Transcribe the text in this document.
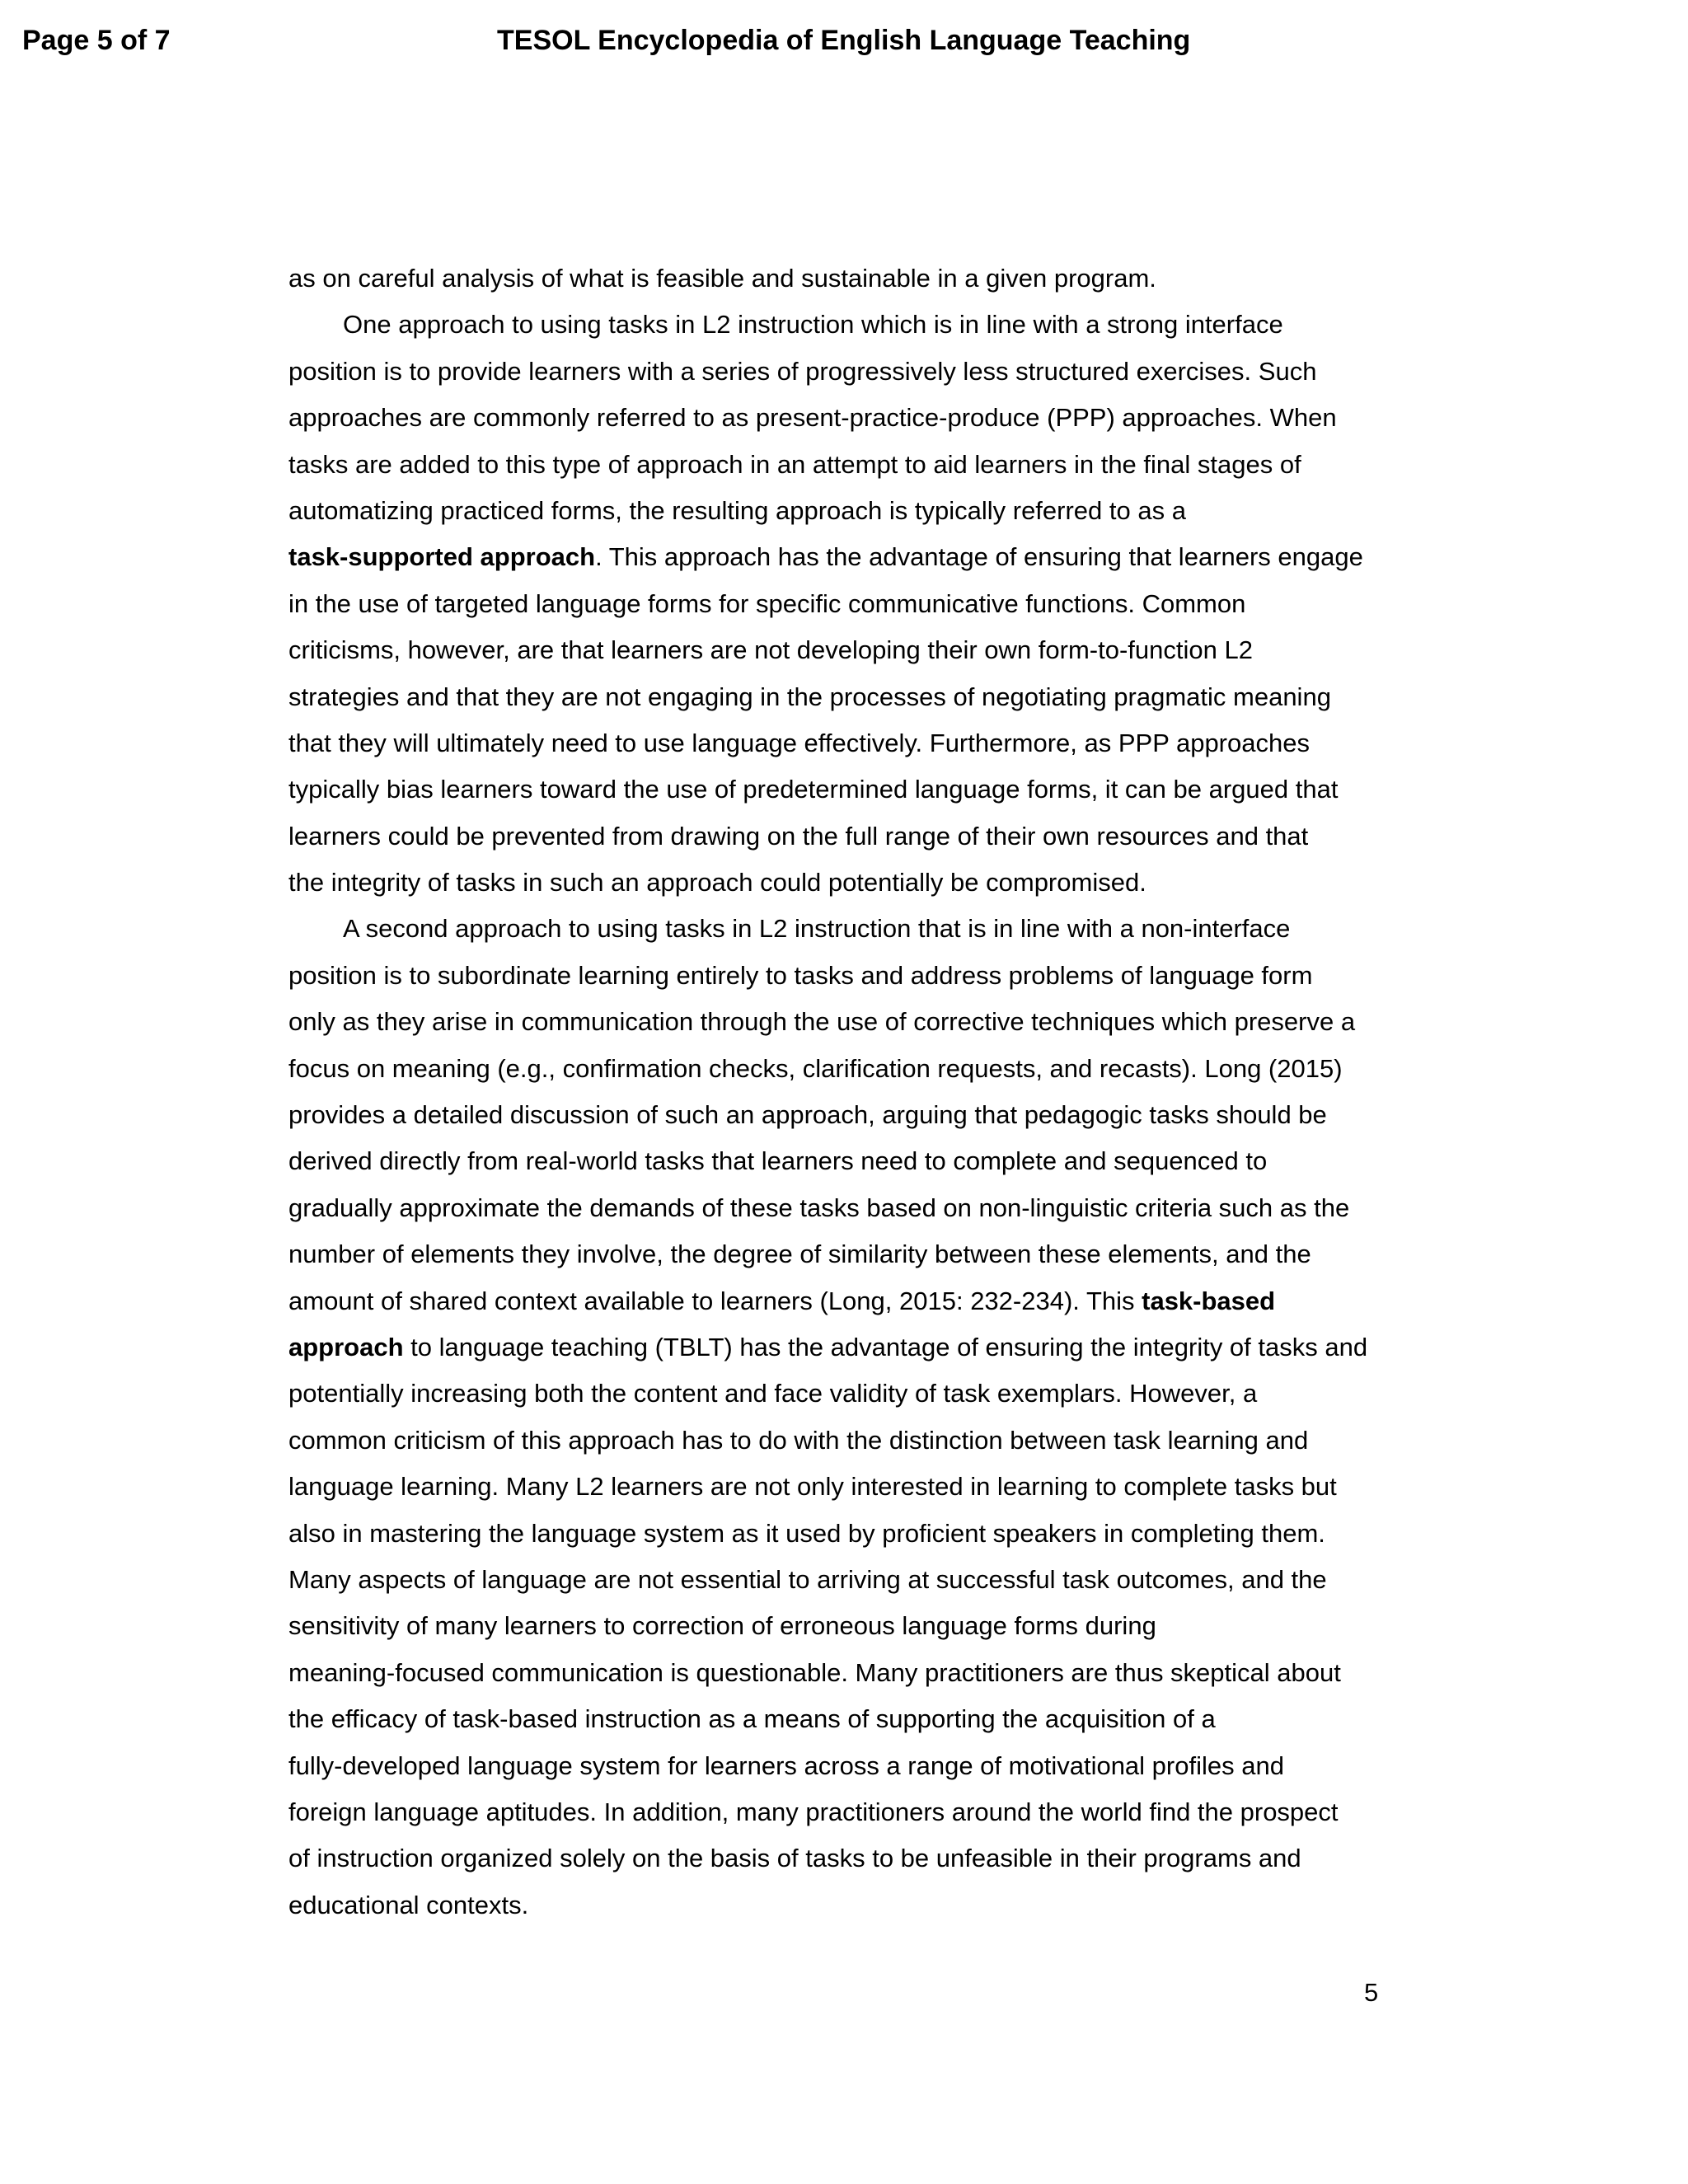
Page 5 of 7	TESOL Encyclopedia of English Language Teaching
as on careful analysis of what is feasible and sustainable in a given program.
One approach to using tasks in L2 instruction which is in line with a strong interface
position is to provide learners with a series of progressively less structured exercises. Such
approaches are commonly referred to as present-practice-produce (PPP) approaches. When
tasks are added to this type of approach in an attempt to aid learners in the final stages of
automatizing practiced forms, the resulting approach is typically referred to as a
task-supported approach. This approach has the advantage of ensuring that learners engage
in the use of targeted language forms for specific communicative functions. Common
criticisms, however, are that learners are not developing their own form-to-function L2
strategies and that they are not engaging in the processes of negotiating pragmatic meaning
that they will ultimately need to use language effectively. Furthermore, as PPP approaches
typically bias learners toward the use of predetermined language forms, it can be argued that
learners could be prevented from drawing on the full range of their own resources and that
the integrity of tasks in such an approach could potentially be compromised.
A second approach to using tasks in L2 instruction that is in line with a non-interface
position is to subordinate learning entirely to tasks and address problems of language form
only as they arise in communication through the use of corrective techniques which preserve a
focus on meaning (e.g., confirmation checks, clarification requests, and recasts). Long (2015)
provides a detailed discussion of such an approach, arguing that pedagogic tasks should be
derived directly from real-world tasks that learners need to complete and sequenced to
gradually approximate the demands of these tasks based on non-linguistic criteria such as the
number of elements they involve, the degree of similarity between these elements, and the
amount of shared context available to learners (Long, 2015: 232-234). This task-based
approach to language teaching (TBLT) has the advantage of ensuring the integrity of tasks and
potentially increasing both the content and face validity of task exemplars. However, a
common criticism of this approach has to do with the distinction between task learning and
language learning. Many L2 learners are not only interested in learning to complete tasks but
also in mastering the language system as it used by proficient speakers in completing them.
Many aspects of language are not essential to arriving at successful task outcomes, and the
sensitivity of many learners to correction of erroneous language forms during
meaning-focused communication is questionable. Many practitioners are thus skeptical about
the efficacy of task-based instruction as a means of supporting the acquisition of a
fully-developed language system for learners across a range of motivational profiles and
foreign language aptitudes. In addition, many practitioners around the world find the prospect
of instruction organized solely on the basis of tasks to be unfeasible in their programs and
educational contexts.
5
